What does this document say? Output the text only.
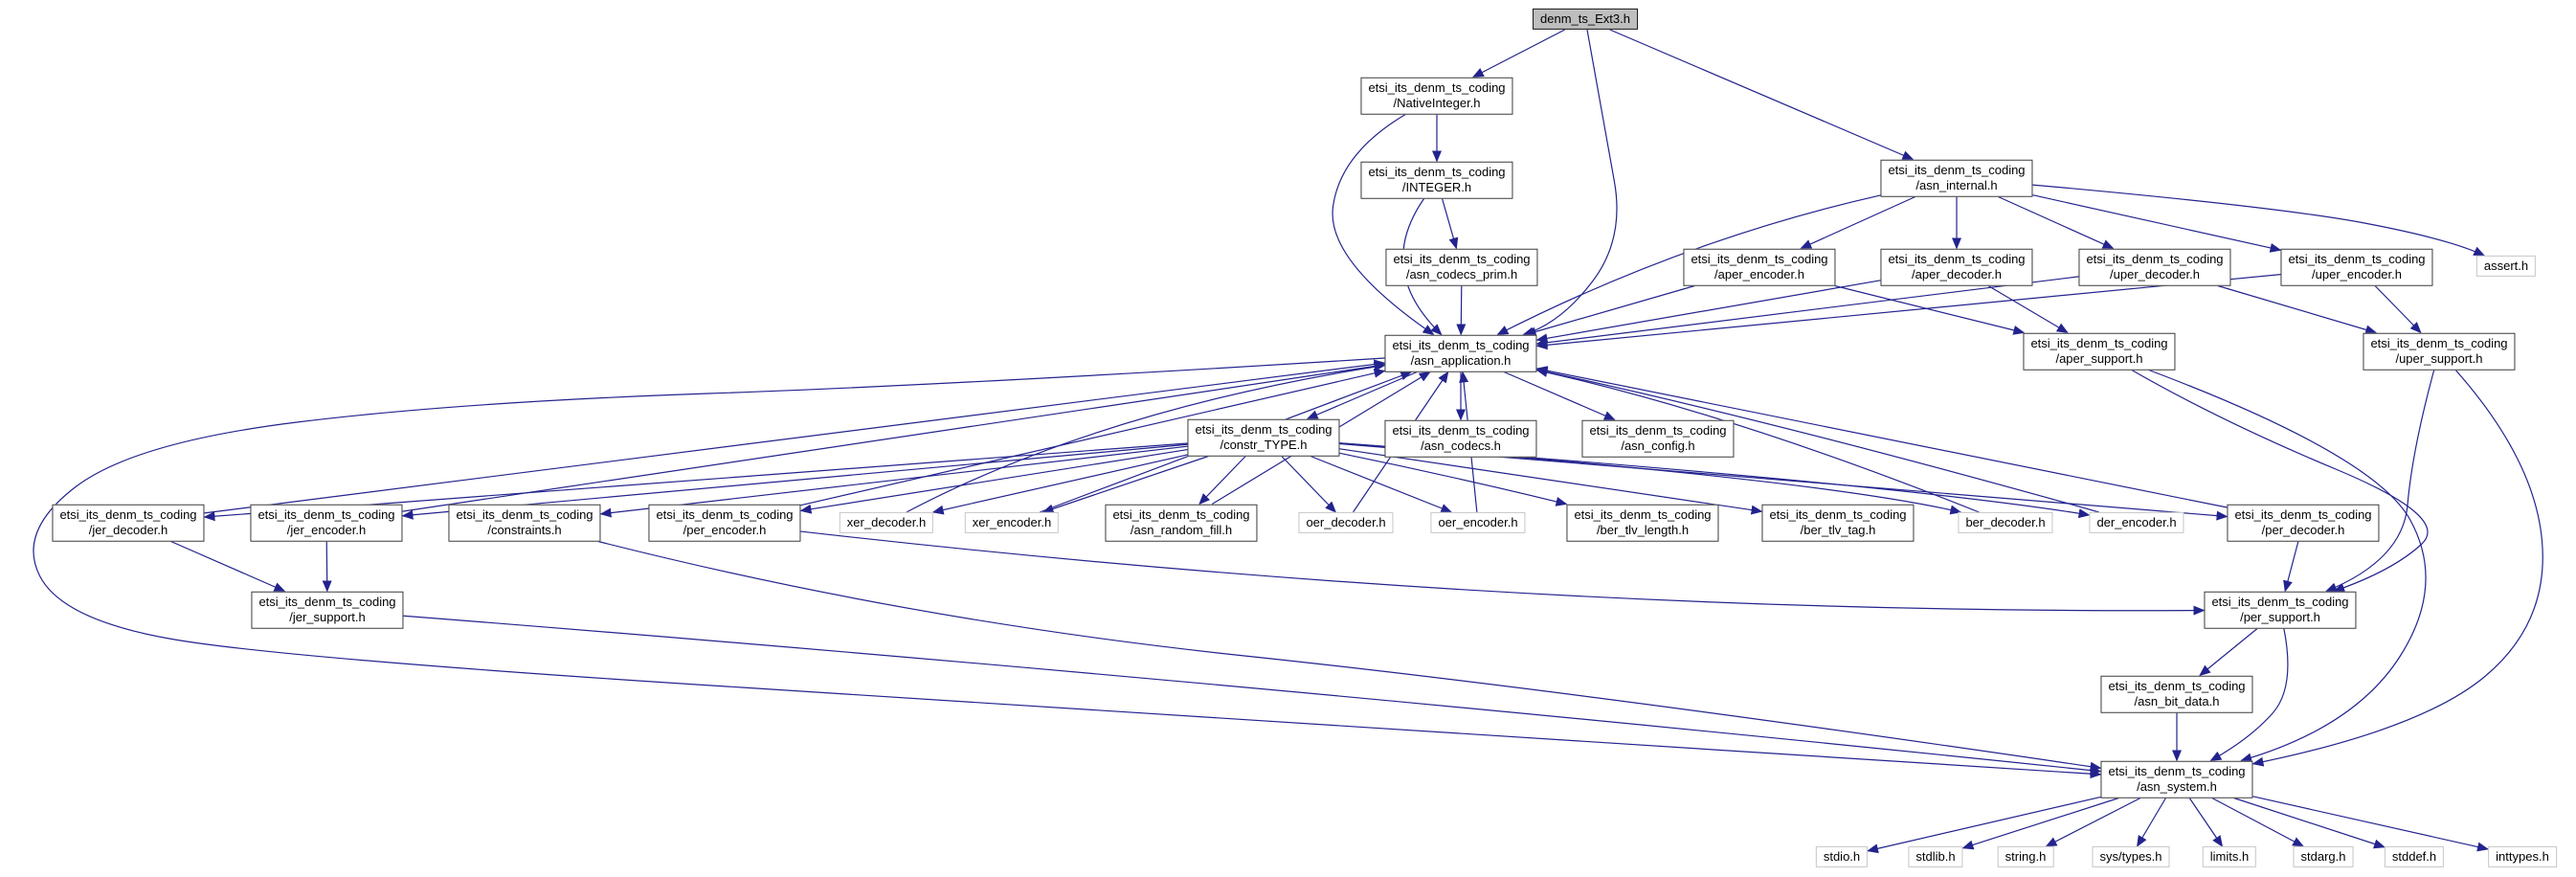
denm_ts_Ext3.h
etsi_its_denm_ts_coding
/NativeInteger.h
etsi_its_denm_ts_coding
/INTEGER.h
etsi_its_denm_ts_coding
/asn_codecs_prim.h
etsi_its_denm_ts_coding
/asn_internal.h
etsi_its_denm_ts_coding
/aper_encoder.h
etsi_its_denm_ts_coding
/aper_decoder.h
etsi_its_denm_ts_coding
/uper_decoder.h
etsi_its_denm_ts_coding
/uper_encoder.h
assert.h
etsi_its_denm_ts_coding
/asn_application.h
etsi_its_denm_ts_coding
/aper_support.h
etsi_its_denm_ts_coding
/uper_support.h
etsi_its_denm_ts_coding
/constr_TYPE.h
etsi_its_denm_ts_coding
/asn_codecs.h
etsi_its_denm_ts_coding
/asn_config.h
etsi_its_denm_ts_coding
/jer_decoder.h
etsi_its_denm_ts_coding
/jer_encoder.h
etsi_its_denm_ts_coding
/constraints.h
etsi_its_denm_ts_coding
/per_encoder.h
xer_decoder.h	xer_encoder.h
etsi_its_denm_ts_coding
/asn_random_fill.h
oer_decoder.h	oer_encoder.h
etsi_its_denm_ts_coding
/ber_tlv_length.h
etsi_its_denm_ts_coding
/ber_tlv_tag.h
ber_decoder.h	der_encoder.h
etsi_its_denm_ts_coding
/per_decoder.h
etsi_its_denm_ts_coding
/jer_support.h
etsi_its_denm_ts_coding
/per_support.h
etsi_its_denm_ts_coding
/asn_bit_data.h
etsi_its_denm_ts_coding
/asn_system.h
stdio.h	stdlib.h	string.h	sys/types.h	limits.h	stdarg.h	stddef.h	inttypes.h
